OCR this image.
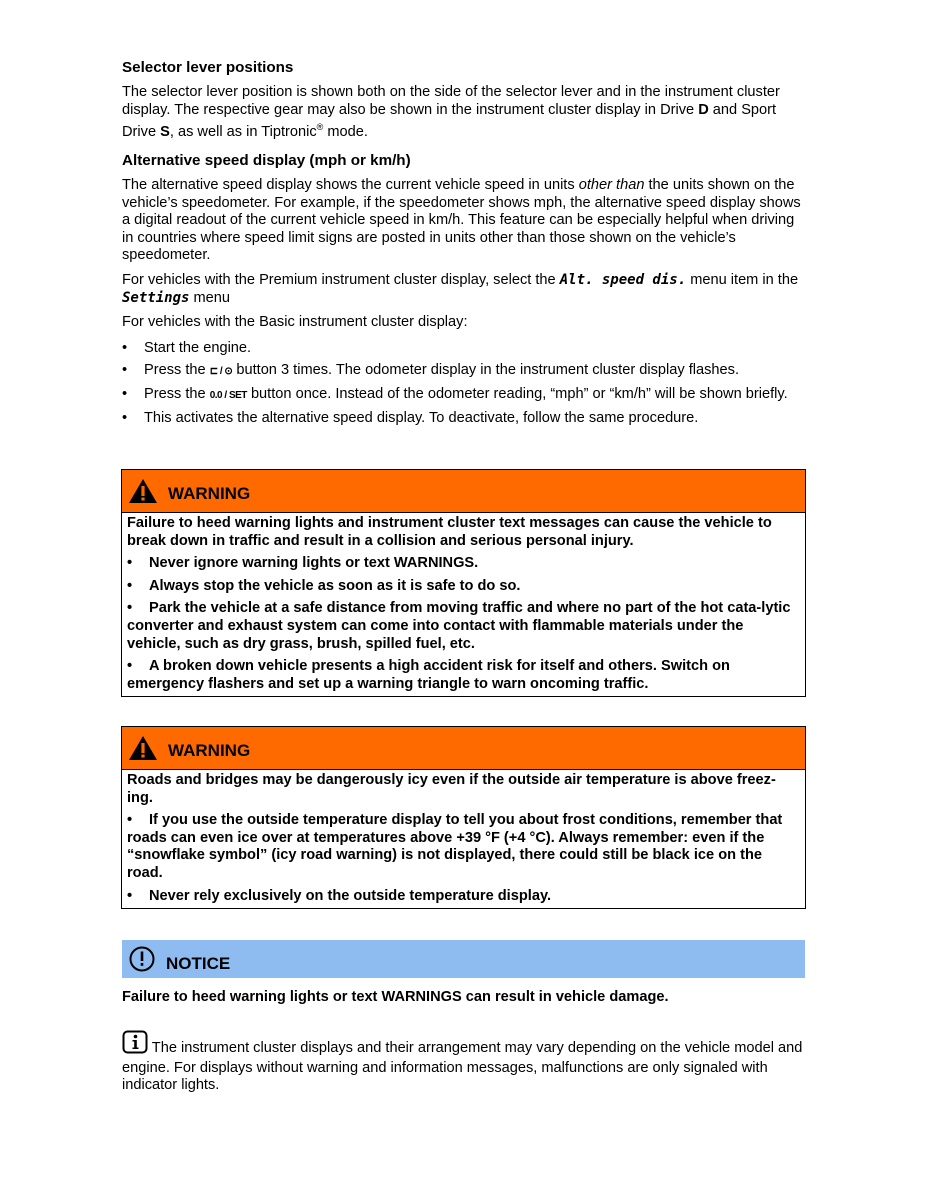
Selector lever positions

The selector lever position is shown both on the side of the selector lever and in the instrument cluster display. The respective gear may also be shown in the instrument cluster display in Drive D and Sport Drive S, as well as in Tiptronic® mode.

Alternative speed display (mph or km/h)

The alternative speed display shows the current vehicle speed in units other than the units shown on the vehicle’s speedometer. For example, if the speedometer shows mph, the alternative speed display shows a digital readout of the current vehicle speed in km/h. This feature can be especially helpful when driving in countries where speed limit signs are posted in units other than those shown on the vehicle’s speedometer.

For vehicles with the Premium instrument cluster display, select the Alt. speed dis. menu item in the Settings menu

For vehicles with the Basic instrument cluster display:

•	Start the engine.
•	Press the ⊏ / ⊙ button 3 times. The odometer display in the instrument cluster display flashes.
• Press the 0.0 / SET button once. Instead of the odometer reading, “mph” or “km/h” will be shown briefly.
•	This activates the alternative speed display. To deactivate, follow the same procedure.
WARNING
Failure to heed warning lights and instrument cluster text messages can cause the vehicle to break down in traffic and result in a collision and serious personal injury.
• Never ignore warning lights or text WARNINGS.
• Always stop the vehicle as soon as it is safe to do so.
• Park the vehicle at a safe distance from moving traffic and where no part of the hot cata-lytic converter and exhaust system can come into contact with flammable materials under the vehicle, such as dry grass, brush, spilled fuel, etc.
• A broken down vehicle presents a high accident risk for itself and others. Switch on emergency flashers and set up a warning triangle to warn oncoming traffic.
WARNING
Roads and bridges may be dangerously icy even if the outside air temperature is above freez-ing.
• If you use the outside temperature display to tell you about frost conditions, remember that roads can even ice over at temperatures above +39 °F (+4 °C). Always remember: even if the “snowflake symbol” (icy road warning) is not displayed, there could still be black ice on the road.
• Never rely exclusively on the outside temperature display.
NOTICE
Failure to heed warning lights or text WARNINGS can result in vehicle damage.
The instrument cluster displays and their arrangement may vary depending on the vehicle model and engine. For displays without warning and information messages, malfunctions are only signaled with indicator lights.
